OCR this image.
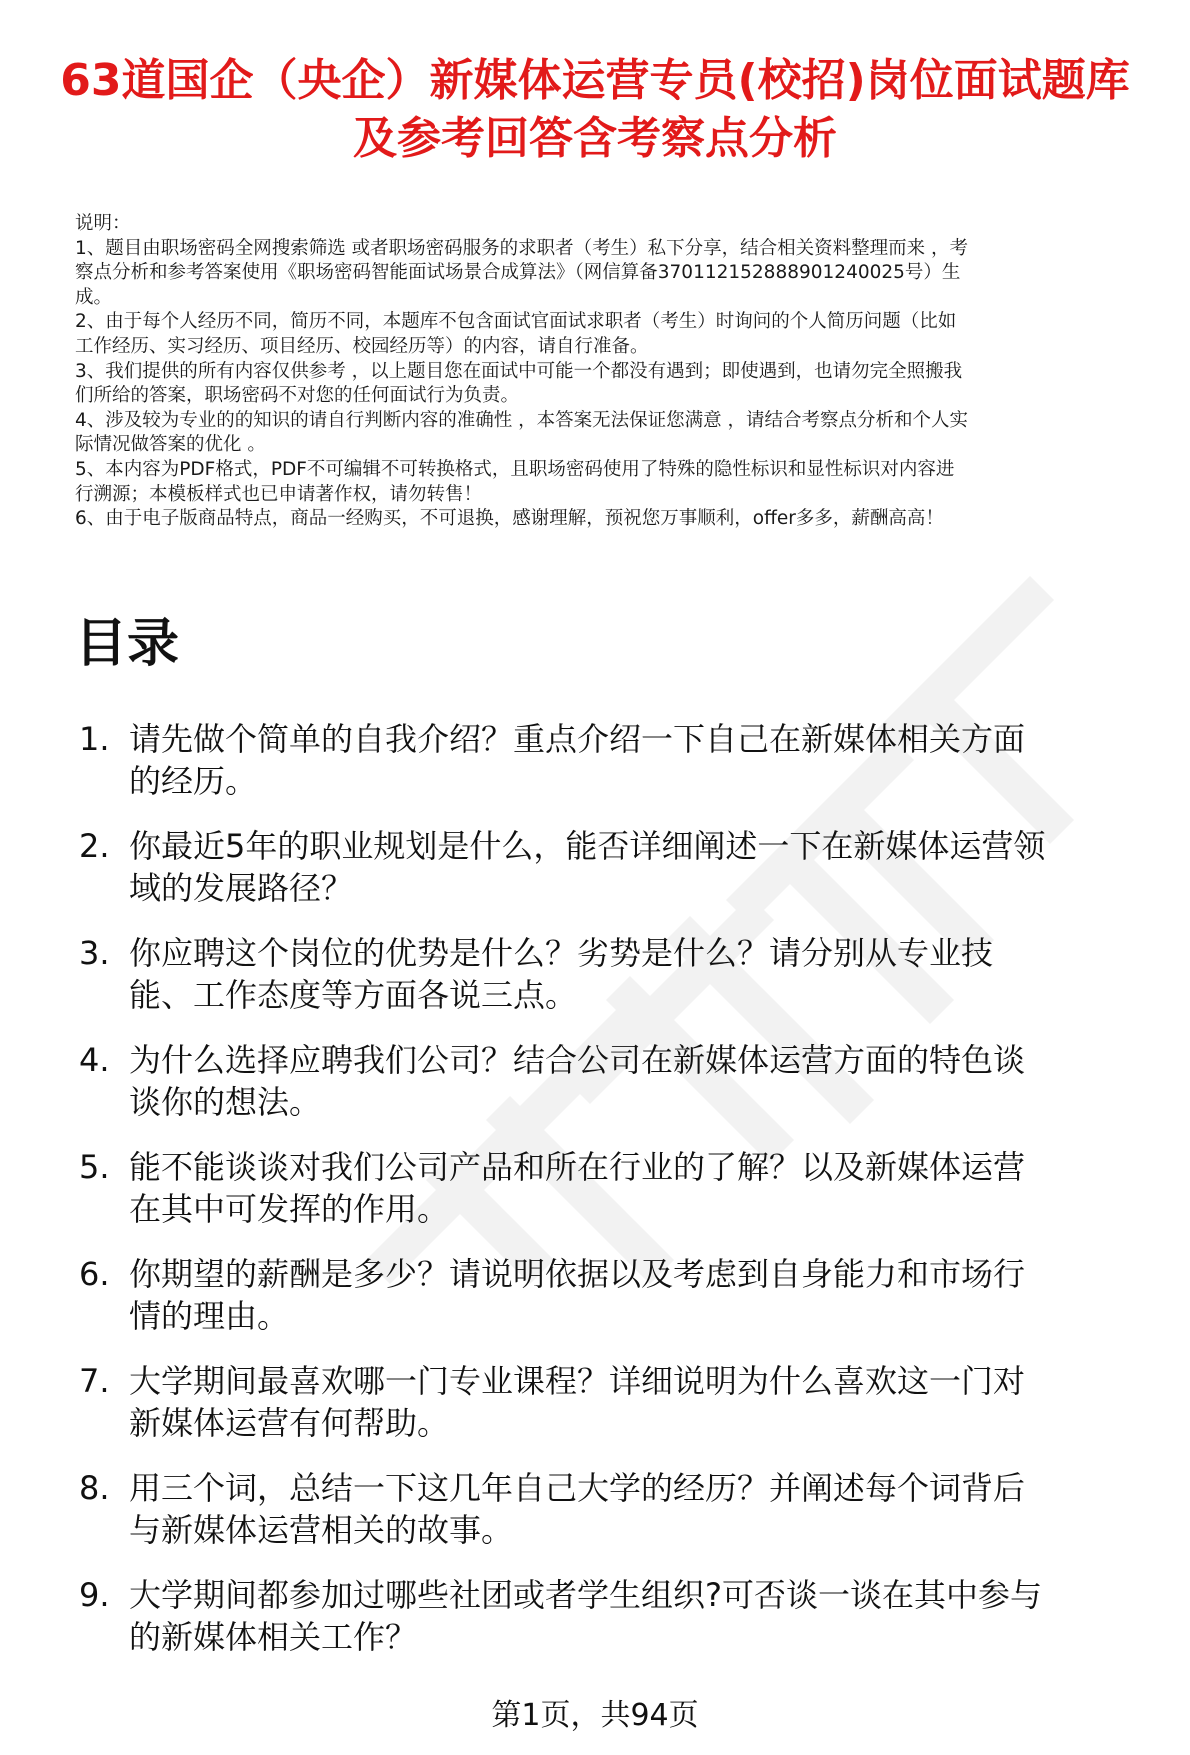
63道国企（央企）新媒体运营专员(校招)岗位面试题库及参考回答含考察点分析
说明：
1、题目由职场密码全网搜索筛选 或者职场密码服务的求职者（考生）私下分享，结合相关资料整理而来 ，考
察点分析和参考答案使用《职场密码智能面试场景合成算法》（网信算备370112152888901240025号）生
成。
2、由于每个人经历不同，简历不同，本题库不包含面试官面试求职者（考生）时询问的个人简历问题（比如
工作经历、实习经历、项目经历、校园经历等）的内容，请自行准备。
3、我们提供的所有内容仅供参考 ，以上题目您在面试中可能一个都没有遇到；即使遇到，也请勿完全照搬我
们所给的答案，职场密码不对您的任何面试行为负责。
4、涉及较为专业的的知识的请自行判断内容的准确性 ，本答案无法保证您满意 ，请结合考察点分析和个人实
际情况做答案的优化 。
5、本内容为PDF格式，PDF不可编辑不可转换格式，且职场密码使用了特殊的隐性标识和显性标识对内容进
行溯源；本模板样式也已申请著作权，请勿转售！
6、由于电子版商品特点，商品一经购买，不可退换，感谢理解，预祝您万事顺利，offer多多，薪酬高高！
目录
1. 请先做个简单的自我介绍？重点介绍一下自己在新媒体相关方面
的经历。
2. 你最近5年的职业规划是什么，能否详细阐述一下在新媒体运营领
域的发展路径？
3. 你应聘这个岗位的优势是什么？劣势是什么？请分别从专业技
能、工作态度等方面各说三点。
4. 为什么选择应聘我们公司？结合公司在新媒体运营方面的特色谈
谈你的想法。
5. 能不能谈谈对我们公司产品和所在行业的了解？以及新媒体运营
在其中可发挥的作用。
6. 你期望的薪酬是多少？请说明依据以及考虑到自身能力和市场行
情的理由。
7. 大学期间最喜欢哪一门专业课程？详细说明为什么喜欢这一门对
新媒体运营有何帮助。
8. 用三个词，总结一下这几年自己大学的经历？并阐述每个词背后
与新媒体运营相关的故事。
9. 大学期间都参加过哪些社团或者学生组织?可否谈一谈在其中参与
的新媒体相关工作？
第1页，共94页
